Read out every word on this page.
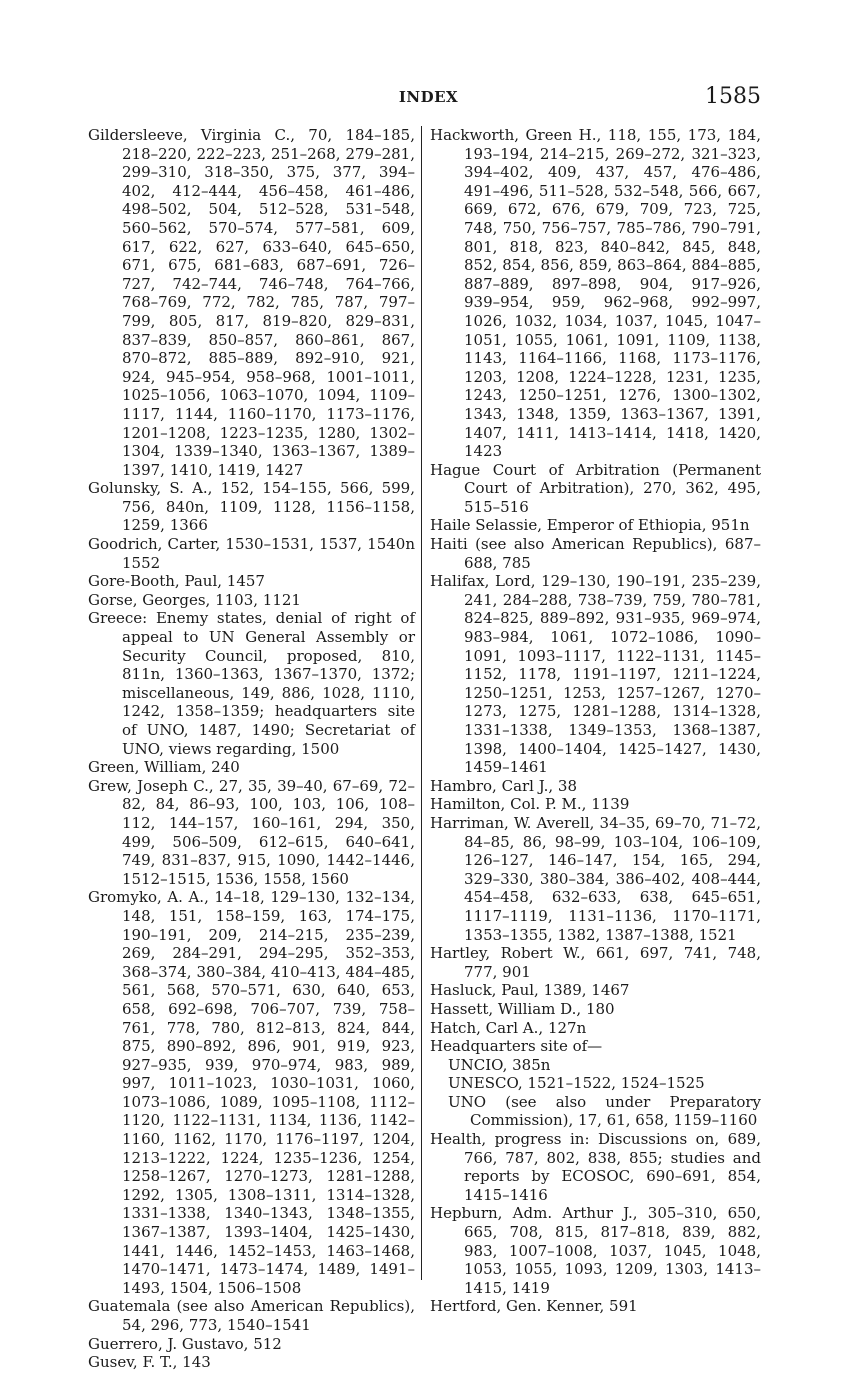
INDEX	1585

Gildersleeve, Virginia C., 70, 184–185, 218–220, 222–223, 251–268, 279–281, 299–310, 318–350, 375, 377, 394–402, 412–444, 456–458, 461–486, 498–502, 504, 512–528, 531–548, 560–562, 570–574, 577–581, 609, 617, 622, 627, 633–640, 645–650, 671, 675, 681–683, 687–691, 726–727, 742–744, 746–748, 764–766, 768–769, 772, 782, 785, 787, 797–799, 805, 817, 819–820, 829–831, 837–839, 850–857, 860–861, 867, 870–872, 885–889, 892–910, 921, 924, 945–954, 958–968, 1001–1011, 1025–1056, 1063–1070, 1094, 1109–1117, 1144, 1160–1170, 1173–1176, 1201–1208, 1223–1235, 1280, 1302–1304, 1339–1340, 1363–1367, 1389–1397, 1410, 1419, 1427

Golunsky, S. A., 152, 154–155, 566, 599, 756, 840n, 1109, 1128, 1156–1158, 1259, 1366

Goodrich, Carter, 1530–1531, 1537, 1540n 1552

Gore-Booth, Paul, 1457

Gorse, Georges, 1103, 1121

Greece: Enemy states, denial of right of appeal to UN General Assembly or Security Council, proposed, 810, 811n, 1360–1363, 1367–1370, 1372; miscellaneous, 149, 886, 1028, 1110, 1242, 1358–1359; headquarters site of UNO, 1487, 1490; Secretariat of UNO, views regarding, 1500

Green, William, 240

Grew, Joseph C., 27, 35, 39–40, 67–69, 72–82, 84, 86–93, 100, 103, 106, 108–112, 144–157, 160–161, 294, 350, 499, 506–509, 612–615, 640–641, 749, 831–837, 915, 1090, 1442–1446, 1512–1515, 1536, 1558, 1560

Gromyko, A. A., 14–18, 129–130, 132–134, 148, 151, 158–159, 163, 174–175, 190–191, 209, 214–215, 235–239, 269, 284–291, 294–295, 352–353, 368–374, 380–384, 410–413, 484–485, 561, 568, 570–571, 630, 640, 653, 658, 692–698, 706–707, 739, 758–761, 778, 780, 812–813, 824, 844, 875, 890–892, 896, 901, 919, 923, 927–935, 939, 970–974, 983, 989, 997, 1011–1023, 1030–1031, 1060, 1073–1086, 1089, 1095–1108, 1112–1120, 1122–1131, 1134, 1136, 1142–1160, 1162, 1170, 1176–1197, 1204, 1213–1222, 1224, 1235–1236, 1254, 1258–1267, 1270–1273, 1281–1288, 1292, 1305, 1308–1311, 1314–1328, 1331–1338, 1340–1343, 1348–1355, 1367–1387, 1393–1404, 1425–1430, 1441, 1446, 1452–1453, 1463–1468, 1470–1471, 1473–1474, 1489, 1491–1493, 1504, 1506–1508

Guatemala (see also American Republics), 54, 296, 773, 1540–1541

Guerrero, J. Gustavo, 512

Gusev, F. T., 143

Hackworth, Green H., 118, 155, 173, 184, 193–194, 214–215, 269–272, 321–323, 394–402, 409, 437, 457, 476–486, 491–496, 511–528, 532–548, 566, 667, 669, 672, 676, 679, 709, 723, 725, 748, 750, 756–757, 785–786, 790–791, 801, 818, 823, 840–842, 845, 848, 852, 854, 856, 859, 863–864, 884–885, 887–889, 897–898, 904, 917–926, 939–954, 959, 962–968, 992–997, 1026, 1032, 1034, 1037, 1045, 1047–1051, 1055, 1061, 1091, 1109, 1138, 1143, 1164–1166, 1168, 1173–1176, 1203, 1208, 1224–1228, 1231, 1235, 1243, 1250–1251, 1276, 1300–1302, 1343, 1348, 1359, 1363–1367, 1391, 1407, 1411, 1413–1414, 1418, 1420, 1423

Hague Court of Arbitration (Permanent Court of Arbitration), 270, 362, 495, 515–516

Haile Selassie, Emperor of Ethiopia, 951n

Haiti (see also American Republics), 687–688, 785

Halifax, Lord, 129–130, 190–191, 235–239, 241, 284–288, 738–739, 759, 780–781, 824–825, 889–892, 931–935, 969–974, 983–984, 1061, 1072–1086, 1090–1091, 1093–1117, 1122–1131, 1145–1152, 1178, 1191–1197, 1211–1224, 1250–1251, 1253, 1257–1267, 1270–1273, 1275, 1281–1288, 1314–1328, 1331–1338, 1349–1353, 1368–1387, 1398, 1400–1404, 1425–1427, 1430, 1459–1461

Hambro, Carl J., 38

Hamilton, Col. P. M., 1139

Harriman, W. Averell, 34–35, 69–70, 71–72, 84–85, 86, 98–99, 103–104, 106–109, 126–127, 146–147, 154, 165, 294, 329–330, 380–384, 386–402, 408–444, 454–458, 632–633, 638, 645–651, 1117–1119, 1131–1136, 1170–1171, 1353–1355, 1382, 1387–1388, 1521

Hartley, Robert W., 661, 697, 741, 748, 777, 901

Hasluck, Paul, 1389, 1467

Hassett, William D., 180

Hatch, Carl A., 127n

Headquarters site of—

UNCIO, 385n

UNESCO, 1521–1522, 1524–1525

UNO (see also under Preparatory Commission), 17, 61, 658, 1159–1160

Health, progress in: Discussions on, 689, 766, 787, 802, 838, 855; studies and reports by ECOSOC, 690–691, 854, 1415–1416

Hepburn, Adm. Arthur J., 305–310, 650, 665, 708, 815, 817–818, 839, 882, 983, 1007–1008, 1037, 1045, 1048, 1053, 1055, 1093, 1209, 1303, 1413–1415, 1419

Hertford, Gen. Kenner, 591
